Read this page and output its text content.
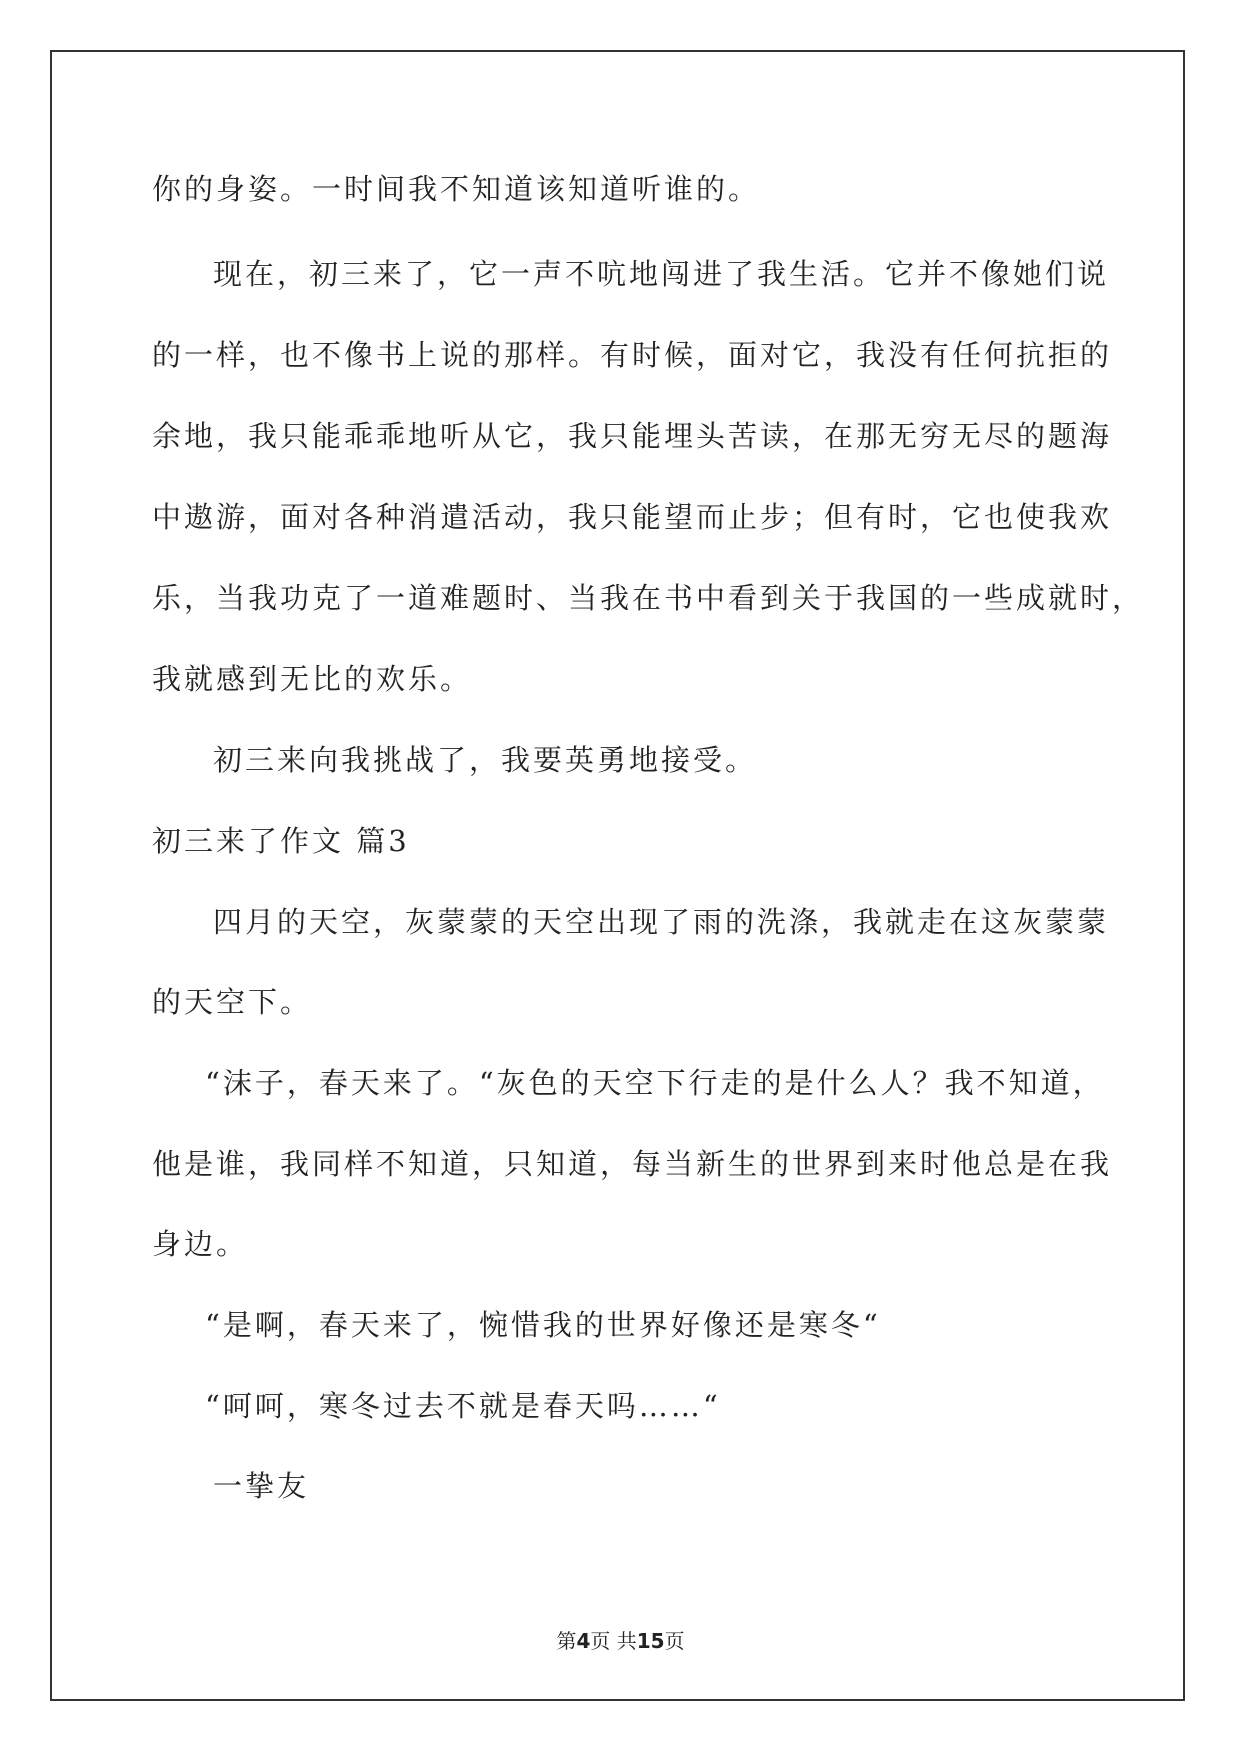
你的身姿。一时间我不知道该知道听谁的。
现在，初三来了，它一声不吭地闯进了我生活。它并不像她们说
的一样，也不像书上说的那样。有时候，面对它，我没有任何抗拒的
余地，我只能乖乖地听从它，我只能埋头苦读，在那无穷无尽的题海
中遨游，面对各种消遣活动，我只能望而止步；但有时，它也使我欢
乐，当我功克了一道难题时、当我在书中看到关于我国的一些成就时，
我就感到无比的欢乐。
初三来向我挑战了，我要英勇地接受。
初三来了作文 篇3
四月的天空，灰蒙蒙的天空出现了雨的洗涤，我就走在这灰蒙蒙
的天空下。
“沫子，春天来了。“灰色的天空下行走的是什么人？我不知道，
他是谁，我同样不知道，只知道，每当新生的世界到来时他总是在我
身边。
“是啊，春天来了，惋惜我的世界好像还是寒冬“
“呵呵，寒冬过去不就是春天吗……“
一挚友
第4页 共15页
